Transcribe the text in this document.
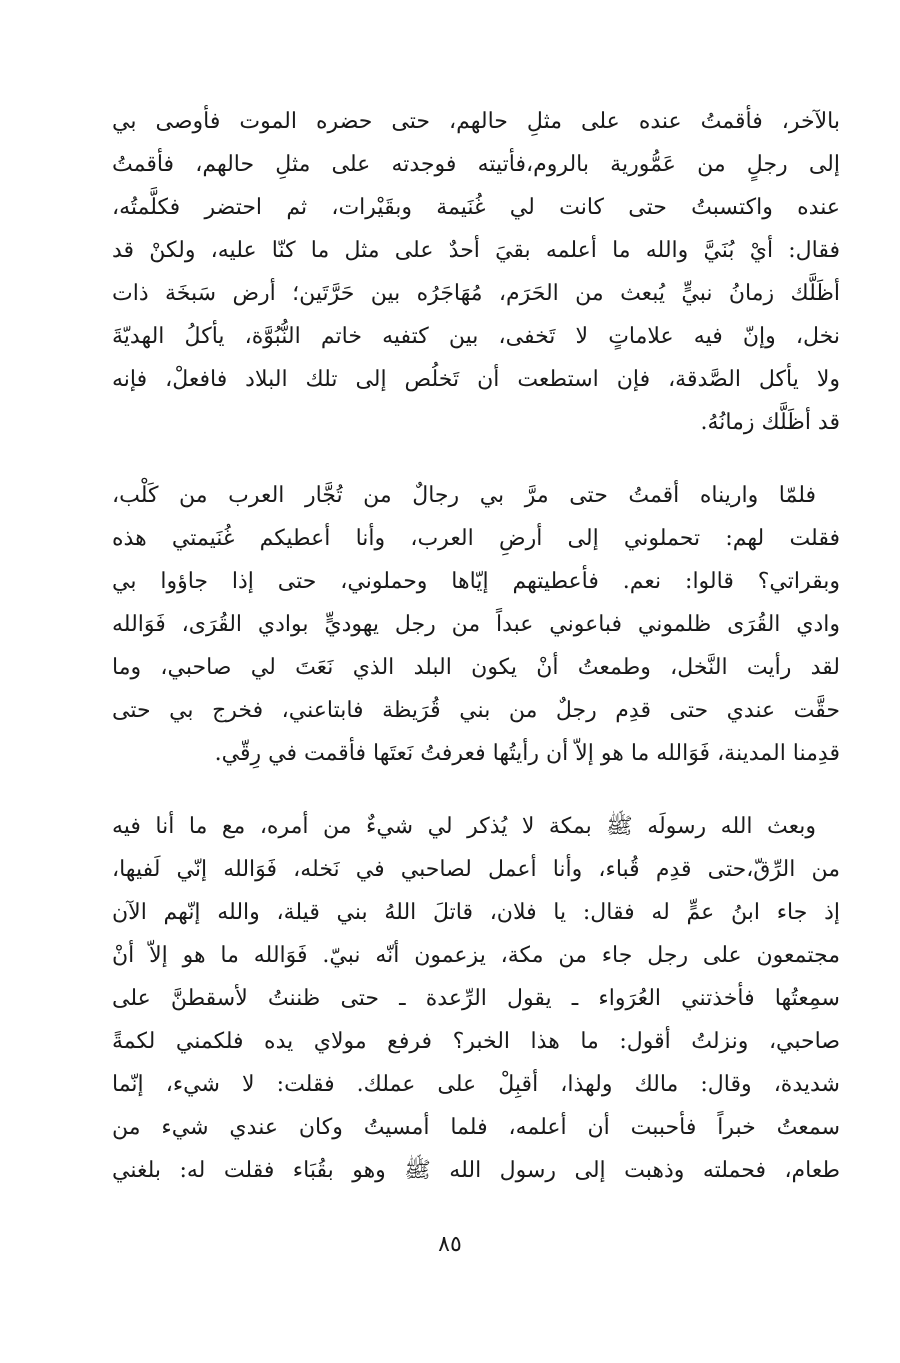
بالآخر، فأقمتُ عنده على مثلِ حالهم، حتى حضره الموت فأوصى بي
إلى رجلٍ من عَمُّورية بالروم،فأتيته فوجدته على مثلِ حالهم، فأقمتُ
عنده واكتسبتُ حتى كانت لي غُنَيمة وبقَيْرات، ثم احتضر فكلَّمتُه،
فقال: أيْ بُنَيَّ والله ما أعلمه بقيَ أحدٌ على مثل ما كنّا عليه، ولكنْ قد
أظَلَّك زمانُ نبيٍّ يُبعث من الحَرَم، مُهَاجَرُه بين حَرَّتَين؛ أرض سَبخَة ذات
نخل، وإنّ فيه علاماتٍ لا تَخفى، بين كتفيه خاتم النُّبُوَّة، يأكلُ الهديّةَ
ولا يأكل الصَّدقة، فإن استطعت أن تَخلُص إلى تلك البلاد فافعلْ، فإنه
قد أظَلَّك زمانُهُ.
فلمّا واريناه أقمتُ حتى مرَّ بي رجالٌ من تُجَّار العرب من كَلْب،
فقلت لهم: تحملوني إلى أرضِ العرب، وأنا أعطيكم غُنَيمتي هذه
وبقراتي؟ قالوا: نعم. فأعطيتهم إيّاها وحملوني، حتى إذا جاؤوا بي
وادي القُرَى ظلموني فباعوني عبداً من رجل يهوديٍّ بوادي القُرَى، فَوَالله
لقد رأيت النَّخل، وطمعتُ أنْ يكون البلد الذي نَعَتَ لي صاحبي، وما
حقَّت عندي حتى قدِم رجلٌ من بني قُرَيظة فابتاعني، فخرج بي حتى
قدِمنا المدينة، فَوَالله ما هو إلاّ أن رأيتُها فعرفتُ نَعتَها فأقمت في رِقّي.
وبعث الله رسولَه ﷺ بمكة لا يُذكر لي شيءٌ من أمره، مع ما أنا فيه
من الرِّقّ،حتى قدِم قُباء، وأنا أعمل لصاحبي في نَخله، فَوَالله إنّي لَفيها،
إذ جاء ابنُ عمٍّ له فقال: يا فلان، قاتلَ اللهُ بني قيلة، والله إنّهم الآن
مجتمعون على رجل جاء من مكة، يزعمون أنّه نبيّ. فَوَالله ما هو إلاّ أنْ
سمِعتُها فأخذتني العُرَواء ـ يقول الرِّعدة ـ حتى ظننتُ لأسقطنَّ على
صاحبي، ونزلتُ أقول: ما هذا الخبر؟ فرفع مولاي يده فلكمني لكمةً
شديدة، وقال: مالك ولهذا، أقبِلْ على عملك. فقلت: لا شيء، إنّما
سمعتُ خبراً فأحببت أن أعلمه، فلما أمسيتُ وكان عندي شيء من
طعام، فحملته وذهبت إلى رسول الله ﷺ وهو بقُبَاء فقلت له: بلغني
٨٥
